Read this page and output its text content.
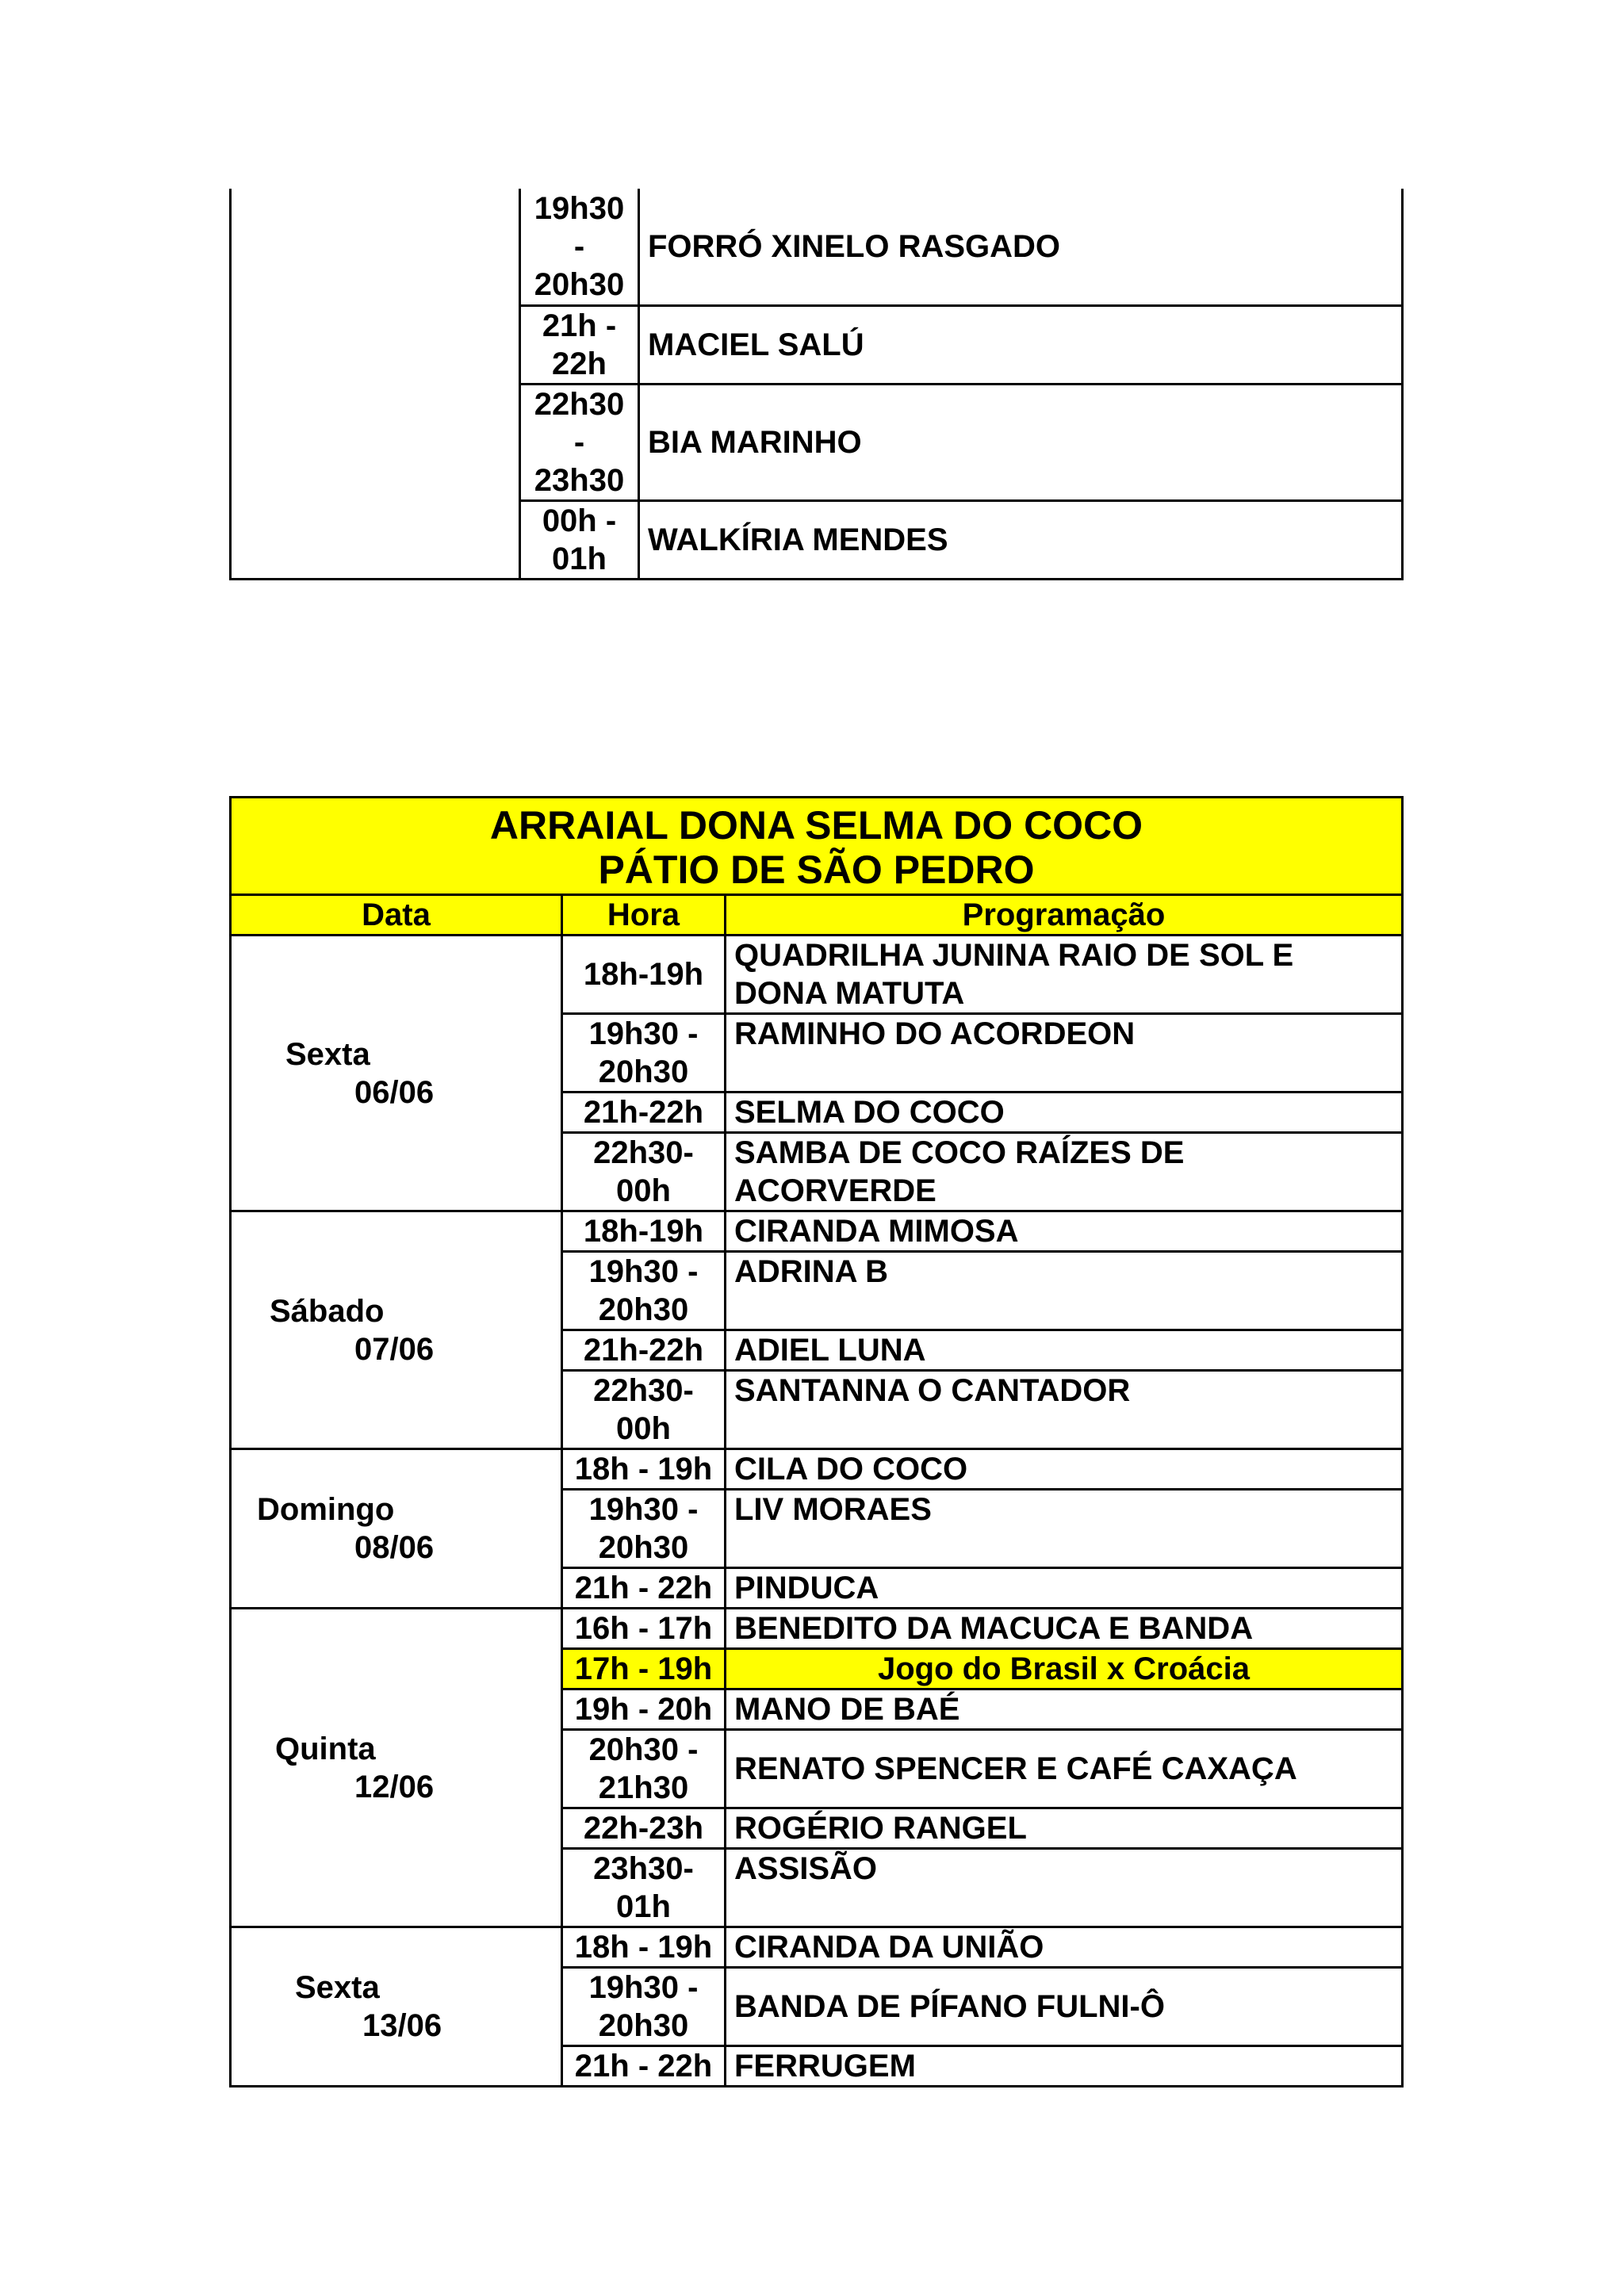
	19h30
-
20h30	FORRÓ XINELO RASGADO
	21h -
22h	MACIEL SALÚ
	22h30
-
23h30	BIA MARINHO
	00h -
01h	WALKÍRIA MENDES
ARRAIAL DONA SELMA DO COCO
PÁTIO DE SÃO PEDRO		

Data	Hora	Programação

Sexta
06/06	18h-19h	QUADRILHA JUNINA RAIO DE SOL E DONA MATUTA
	19h30 -
20h30	RAMINHO DO ACORDEON
	21h-22h	SELMA DO COCO
	22h30-
00h	SAMBA DE COCO RAÍZES DE ACORVERDE

Sábado
07/06	18h-19h	CIRANDA MIMOSA
	19h30 -
20h30	ADRINA B
	21h-22h	ADIEL LUNA
	22h30-
00h	SANTANNA O CANTADOR

Domingo
08/06	18h - 19h	CILA DO COCO
	19h30 -
20h30	LIV MORAES
	21h - 22h	PINDUCA

Quinta
12/06	16h - 17h	BENEDITO DA MACUCA E BANDA
	17h - 19h	Jogo do Brasil x Croácia
	19h - 20h	MANO DE BAÉ
	20h30 -
21h30	RENATO SPENCER E CAFÉ CAXAÇA
	22h-23h	ROGÉRIO RANGEL
	23h30-
01h	ASSISÃO

Sexta
13/06	18h - 19h	CIRANDA DA UNIÃO
	19h30 -
20h30	BANDA DE PÍFANO FULNI-Ô
	21h - 22h	FERRUGEM
